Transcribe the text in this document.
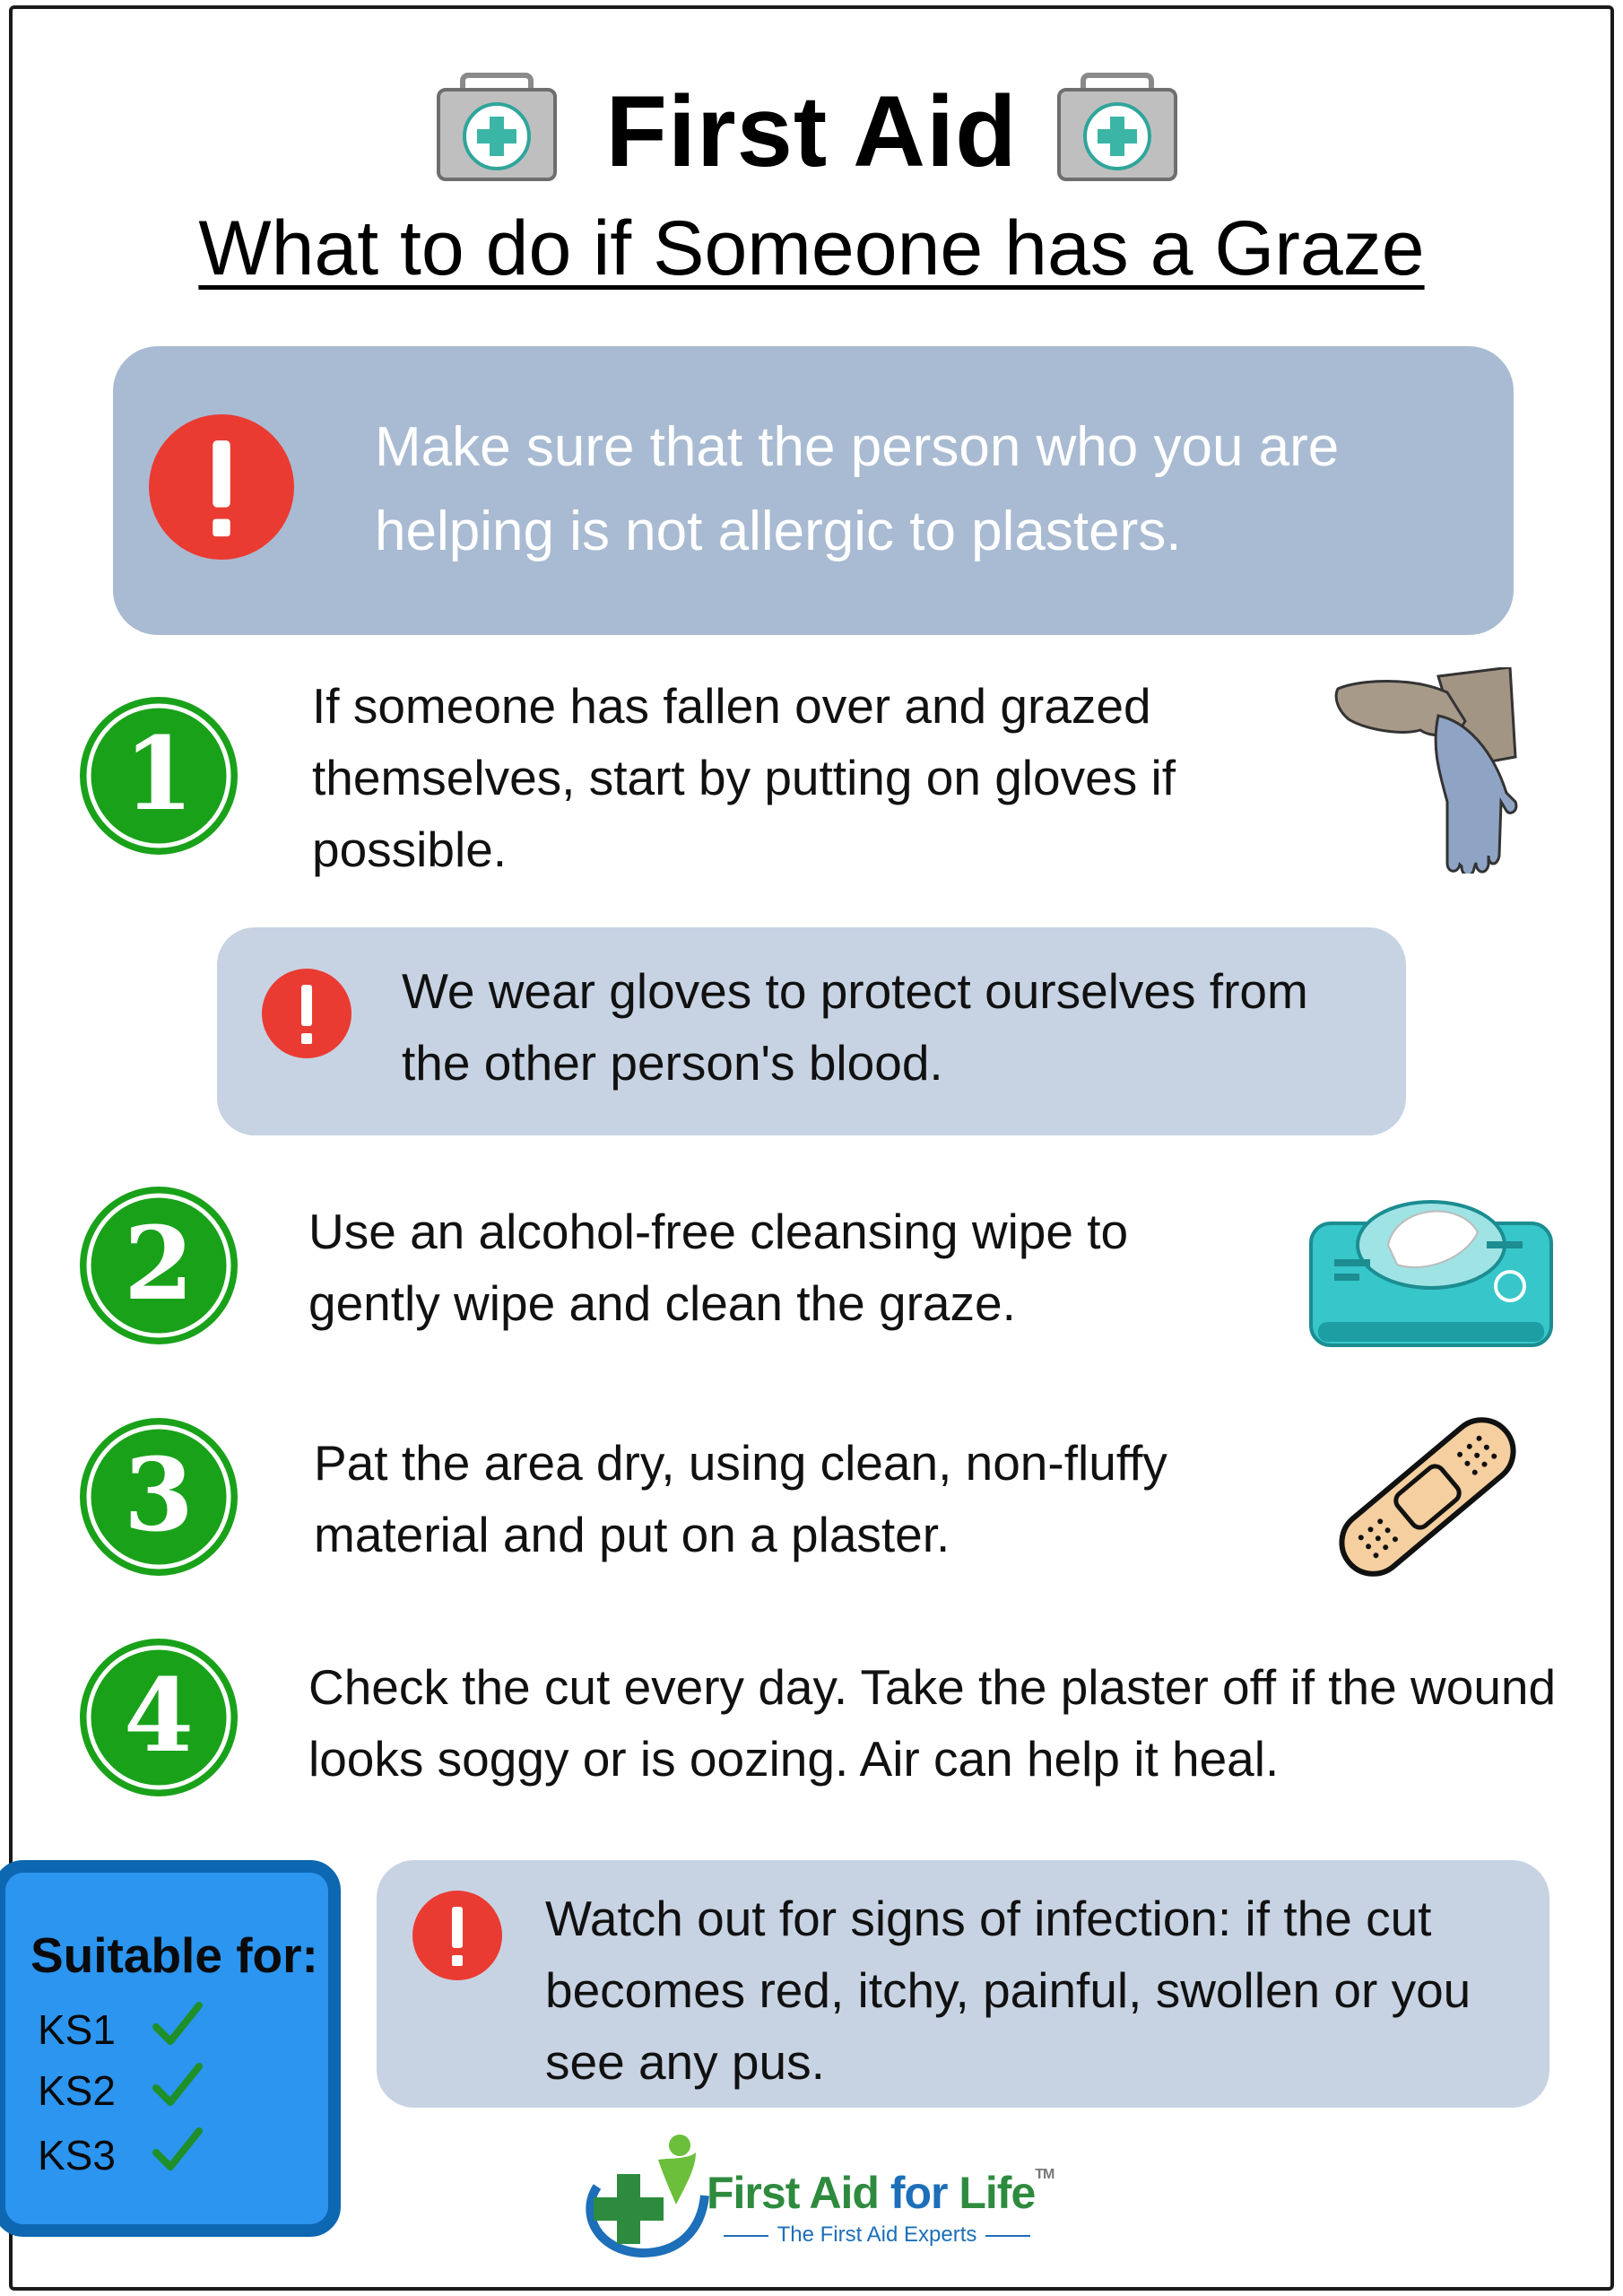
First Aid
What to do if Someone has a Graze
Make sure that the person who you are helping is not allergic to plasters.
1
If someone has fallen over and grazed themselves, start by putting on gloves if possible.
We wear gloves to protect ourselves from the other person's blood.
2 Use an alcohol-free cleansing wipe to gently wipe and clean the graze.
3 Pat the area dry, using clean, non-fluffy material and put on a plaster.
4 Check the cut every day. Take the plaster off if the wound looks soggy or is oozing. Air can help it heal.
Suitable for:
KS1
KS2
KS3
Watch out for signs of infection: if the cut becomes red, itchy, painful, swollen or you see any pus.
First Aid for Life™
The First Aid Experts
